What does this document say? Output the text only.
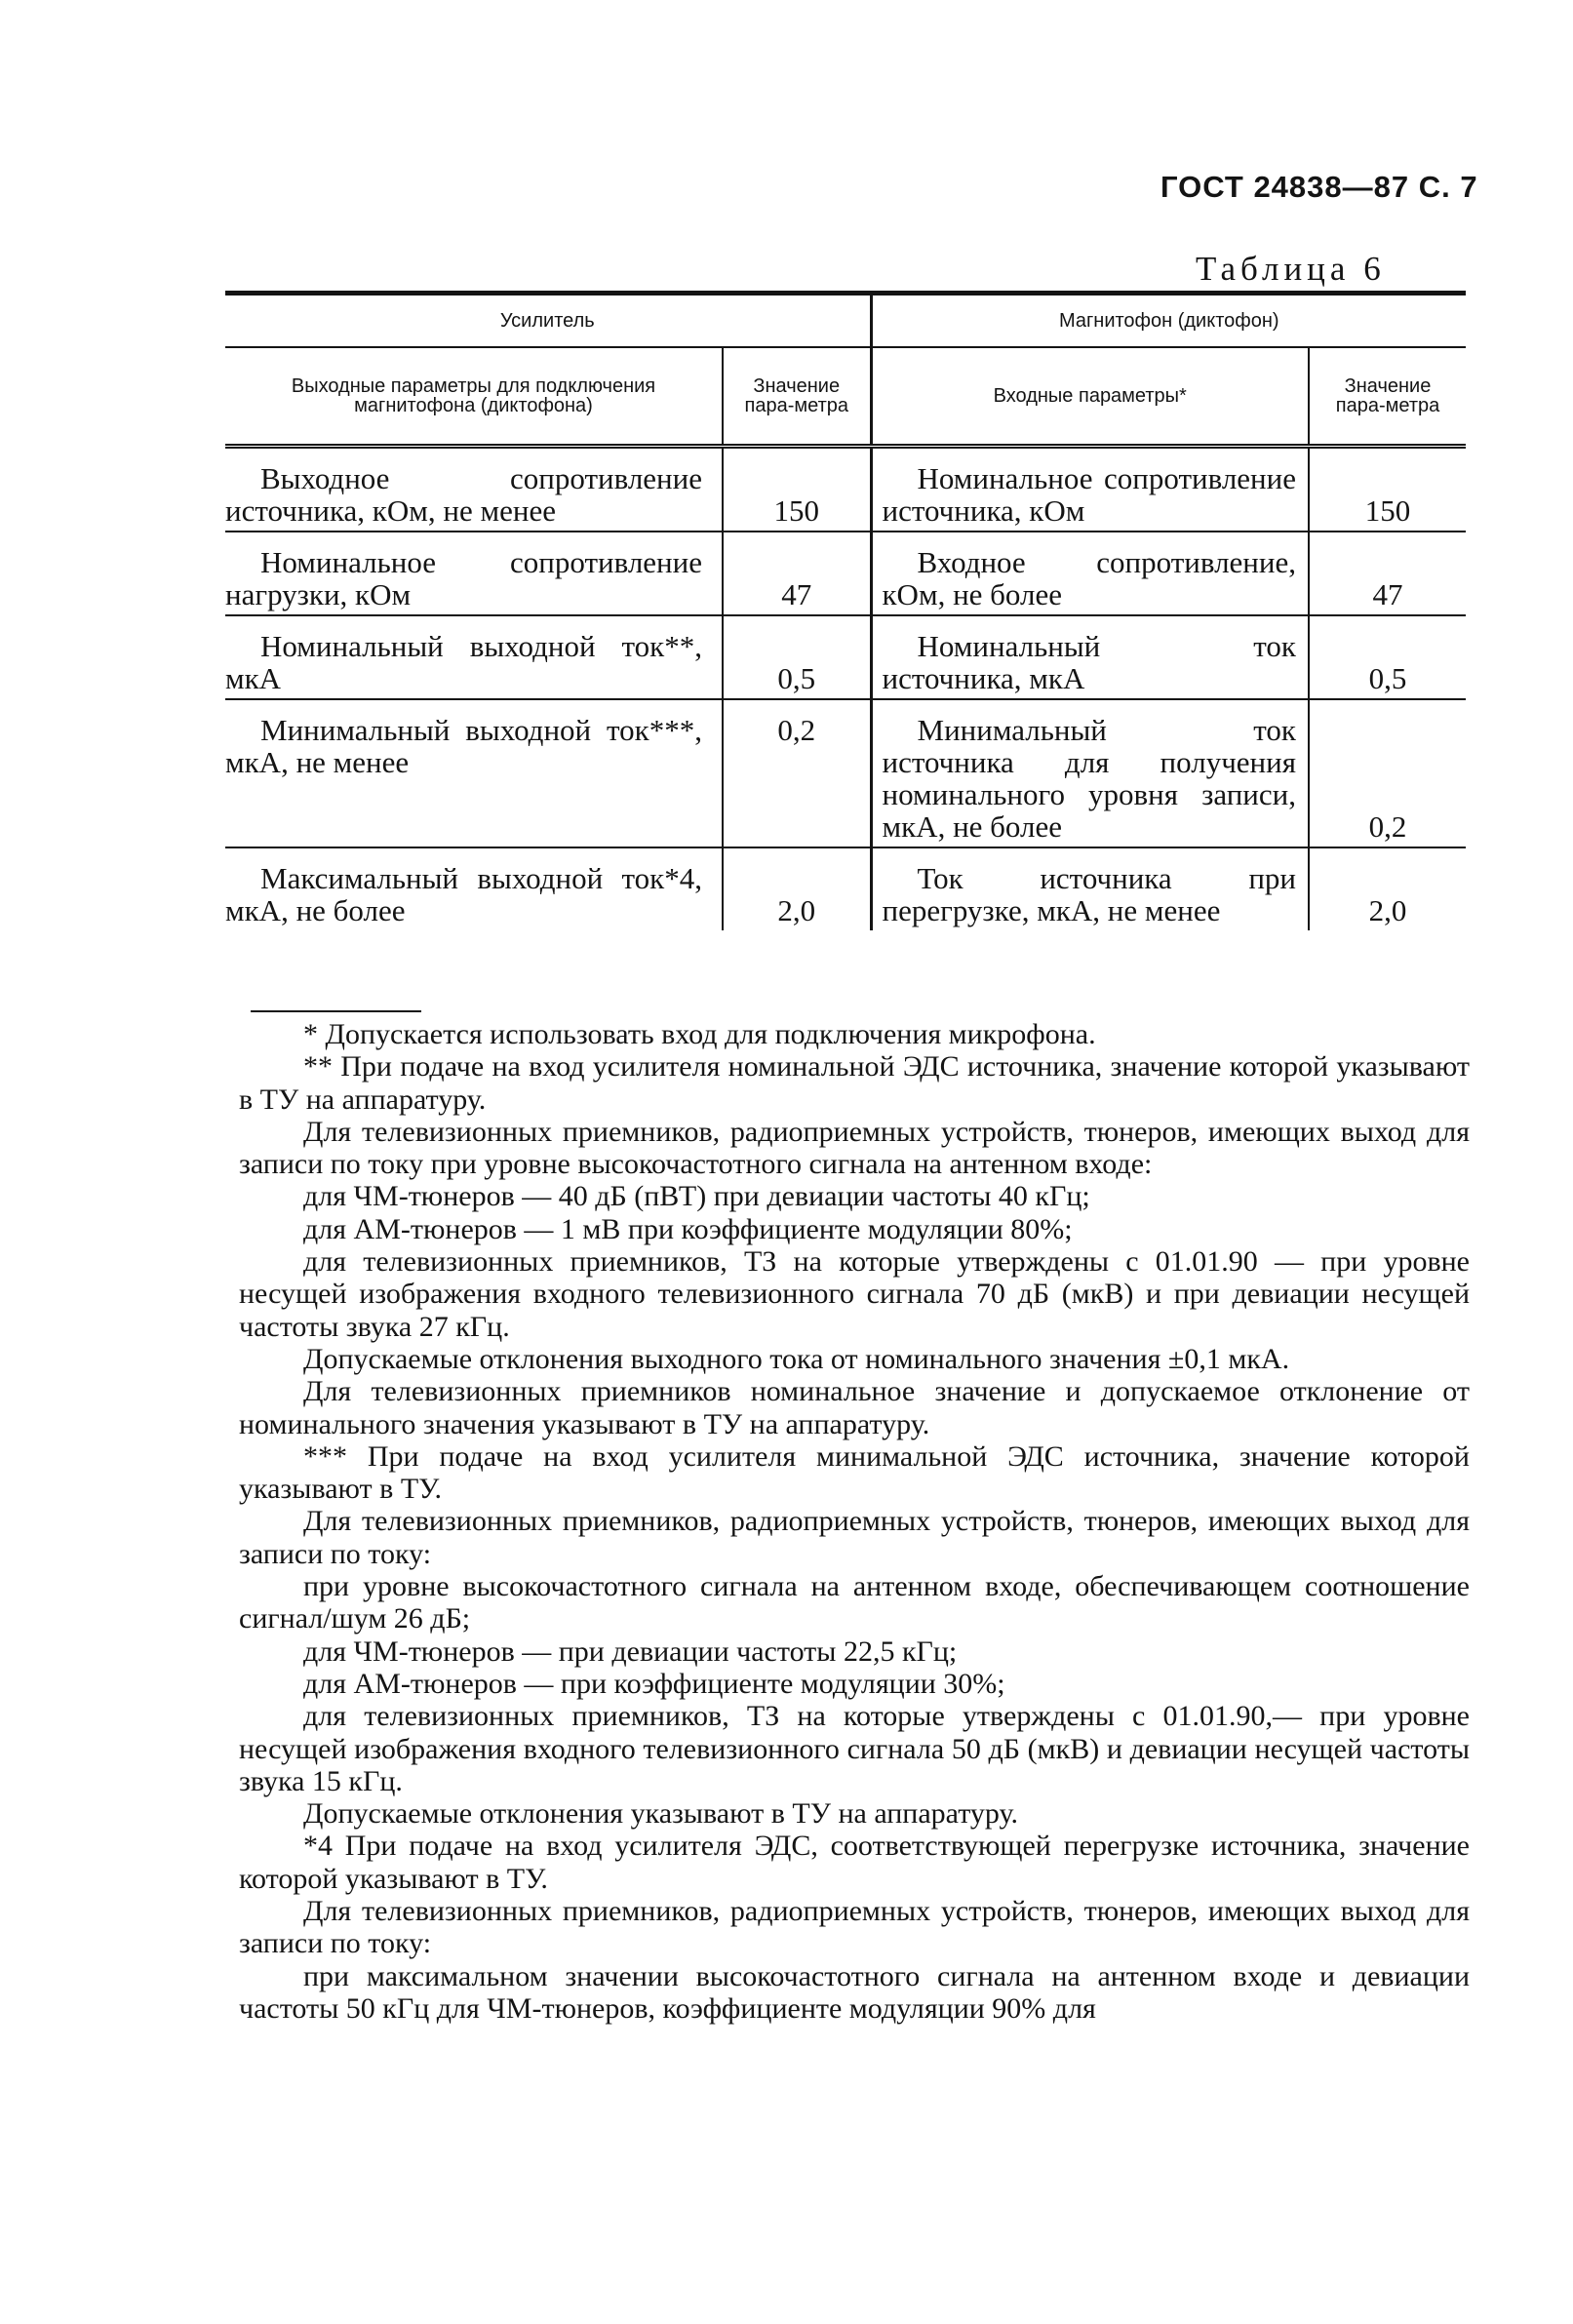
ГОСТ 24838—87 С. 7
Таблица 6
Усилитель		Магнитофон (диктофон)	
Выходные параметры для подключения магнитофона (диктофона)	Значение пара-метра	Входные параметры*	Значение пара-метра

Выходное сопротивление источника, кОм, не менее	150	Номинальное сопротивление источника, кОм	150

Номинальное сопротивление нагрузки, кОм	47	Входное сопротивление, кОм, не более	47

Номинальный выходной ток**, мкА	0,5	Номинальный ток источника, мкА	0,5

Минимальный выходной ток***, мкА, не менее	0,2	Минимальный ток источника для получения номинального уровня записи, мкА, не более	0,2

Максимальный выходной ток*4, мкА, не более	2,0	Ток источника при перегрузке, мкА, не менее	2,0

* Допускается использовать вход для подключения микрофона.

** При подаче на вход усилителя номинальной ЭДС источника, значение которой указывают в ТУ на аппаратуру.

Для телевизионных приемников, радиоприемных устройств, тюнеров, имеющих выход для записи по току при уровне высокочастотного сигнала на антенном входе:

для ЧМ-тюнеров — 40 дБ (пВТ) при девиации частоты 40 кГц;

для АМ-тюнеров — 1 мВ при коэффициенте модуляции 80%;

для телевизионных приемников, ТЗ на которые утверждены с 01.01.90 — при уровне несущей изображения входного телевизионного сигнала 70 дБ (мкВ) и при девиации несущей частоты звука 27 кГц.

Допускаемые отклонения выходного тока от номинального значения ±0,1 мкА.

Для телевизионных приемников номинальное значение и допускаемое отклонение от номинального значения указывают в ТУ на аппаратуру.

*** При подаче на вход усилителя минимальной ЭДС источника, значение которой указывают в ТУ.

Для телевизионных приемников, радиоприемных устройств, тюнеров, имеющих выход для записи по току:

при уровне высокочастотного сигнала на антенном входе, обеспечивающем соотношение сигнал/шум 26 дБ;

для ЧМ-тюнеров — при девиации частоты 22,5 кГц;

для АМ-тюнеров — при коэффициенте модуляции 30%;

для телевизионных приемников, ТЗ на которые утверждены с 01.01.90,— при уровне несущей изображения входного телевизионного сигнала 50 дБ (мкВ) и девиации несущей частоты звука 15 кГц.

Допускаемые отклонения указывают в ТУ на аппаратуру.

*4 При подаче на вход усилителя ЭДС, соответствующей перегрузке источника, значение которой указывают в ТУ.

Для телевизионных приемников, радиоприемных устройств, тюнеров, имеющих выход для записи по току:

при максимальном значении высокочастотного сигнала на антенном входе и девиации частоты 50 кГц для ЧМ-тюнеров, коэффициенте модуляции 90% для
